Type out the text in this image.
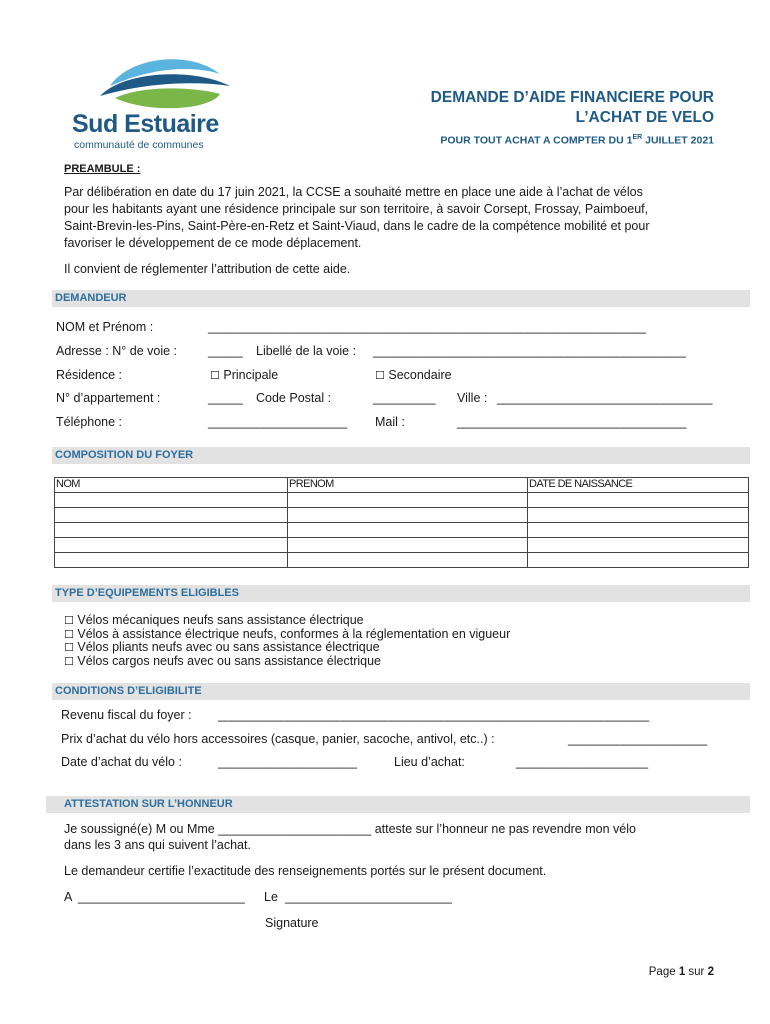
Sud Estuaire
communauté de communes
DEMANDE D’AIDE FINANCIERE POUR
L’ACHAT DE VELO
POUR TOUT ACHAT A COMPTER DU 1ER JUILLET 2021
PREAMBULE :
Par délibération en date du 17 juin 2021, la CCSE a souhaité mettre en place une aide à l’achat de vélos
pour les habitants ayant une résidence principale sur son territoire, à savoir Corsept, Frossay, Paimboeuf,
Saint-Brevin-les-Pins, Saint-Père-en-Retz et Saint-Viaud, dans le cadre de la compétence mobilité et pour
favoriser le développement de ce mode déplacement.
Il convient de réglementer l’attribution de cette aide.
DEMANDEUR
NOM et Prénom :	_______________________________________________________________
Adresse : N° de voie : _____ Libellé de la voie : _____________________________________________
Résidence :	☐ Principale	☐ Secondaire
N° d’appartement :	_____ Code Postal :	_________ Ville : _______________________________
Téléphone :	____________________ Mail :	_________________________________
COMPOSITION DU FOYER
NOM	PRENOM	DATE DE NAISSANCE

TYPE D’EQUIPEMENTS ELIGIBLES
☐ Vélos mécaniques neufs sans assistance électrique
☐ Vélos à assistance électrique neufs, conformes à la réglementation en vigueur
☐ Vélos pliants neufs avec ou sans assistance électrique
☐ Vélos cargos neufs avec ou sans assistance électrique
CONDITIONS D’ELIGIBILITE
Revenu fiscal du foyer : ______________________________________________________________
Prix d’achat du vélo hors accessoires (casque, panier, sacoche, antivol, etc..) :	____________________
Date d’achat du vélo :	____________________	Lieu d’achat:	___________________
ATTESTATION SUR L’HONNEUR
Je soussigné(e) M ou Mme ______________________ atteste sur l’honneur ne pas revendre mon vélo
dans les 3 ans qui suivent l’achat.
Le demandeur certifie l’exactitude des renseignements portés sur le présent document.
A ________________________ Le ________________________
Signature
Page 1 sur 2
